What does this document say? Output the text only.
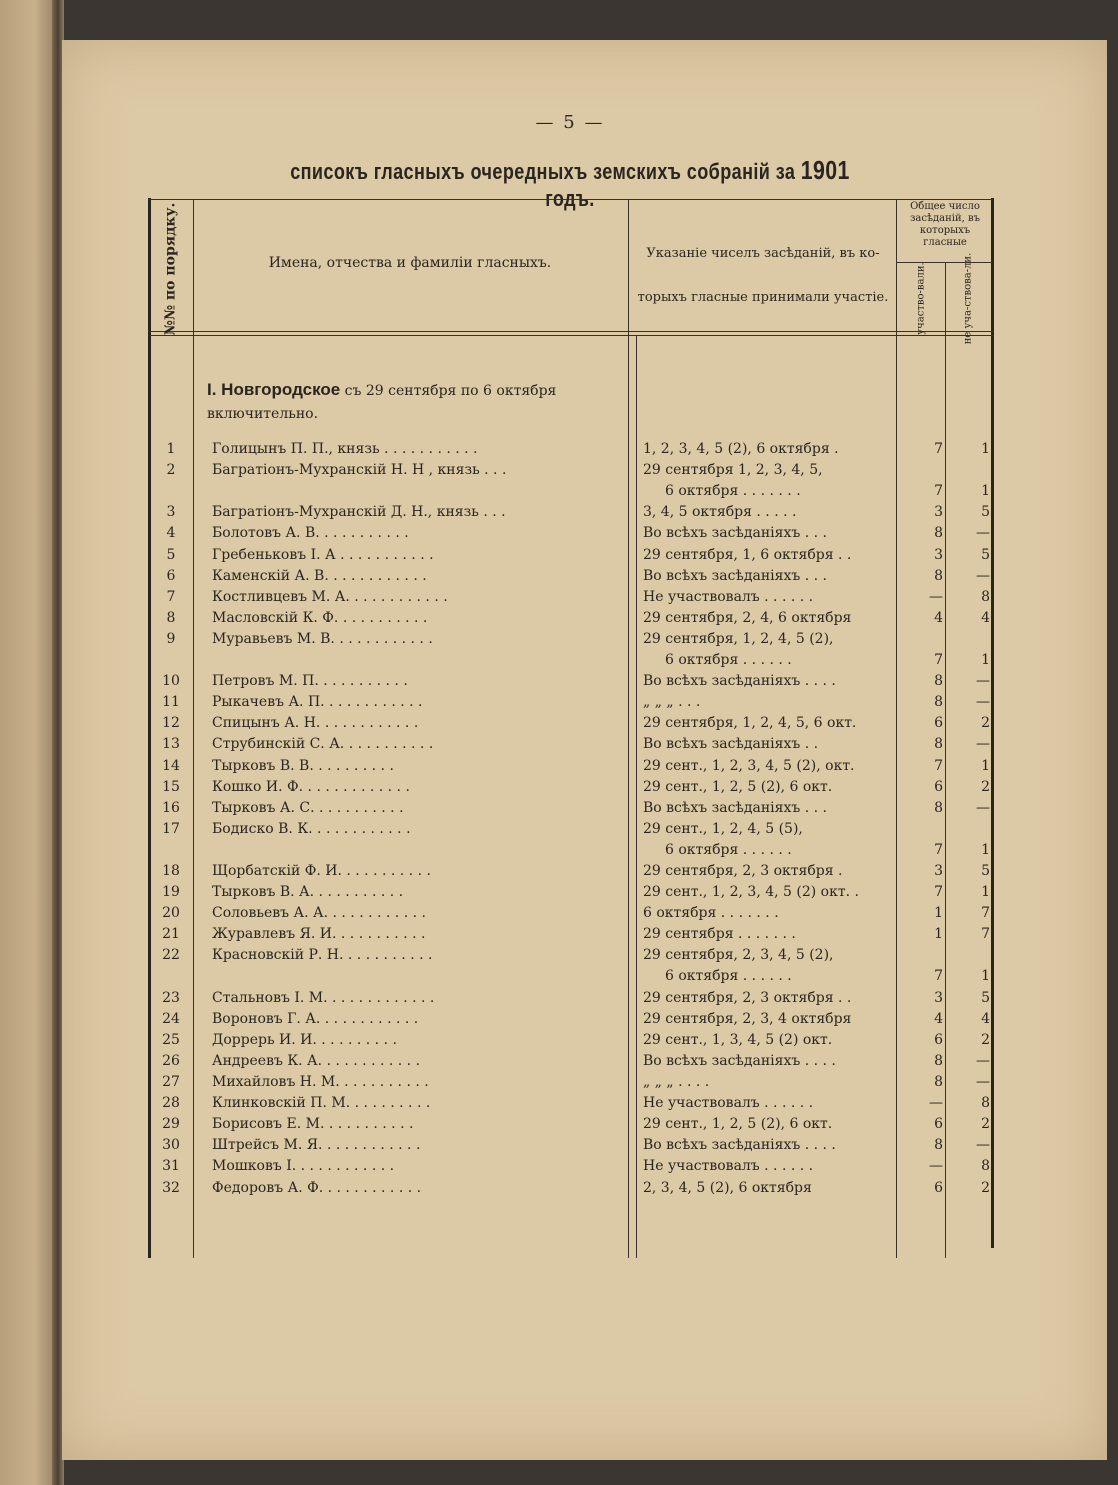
— 5 —
списокъ гласныхъ очередныхъ земскихъ собраній за 1901 годъ.
№№ по порядку.	Имена, отчества и фамиліи гласныхъ.
Указаніе чиселъ засѣданій, въ ко-торыхъ гласные принимали участіе.
Общее число засѣданій, въ которыхъ гласные
участво-вали.	не уча-ствова-ли.
I. Новгородское съ 29 сентября по 6 октября включительно.
1	Голицынъ П. П., князь . . . . . . . . . . .	1, 2, 3, 4, 5 (2), 6 октября .	7	1
2	Багратіонъ-Мухранскій Н. Н , князь . . .	29 сентября 1, 2, 3, 4, 5,
6 октября . . . . . . .	7	1
3	Багратіонъ-Мухранскій Д. Н., князь . . .	3, 4, 5 октября . . . . .	3	5
4	Болотовъ А. В. . . . . . . . . . .	Во всѣхъ засѣданіяхъ . . .	8	—
5	Гребеньковъ І. А . . . . . . . . . . .	29 сентября, 1, 6 октября . .	3	5
6	Каменскій А. В. . . . . . . . . . . .	Во всѣхъ засѣданіяхъ . . .	8	—
7	Костливцевъ М. А. . . . . . . . . . . .	Не участвовалъ . . . . . .	—	8
8	Масловскій К. Ф. . . . . . . . . . .	29 сентября, 2, 4, 6 октября	4	4
9	Муравьевъ М. В. . . . . . . . . . . .	29 сентября, 1, 2, 4, 5 (2),
6 октября . . . . . .	7	1
10	Петровъ М. П. . . . . . . . . . .	Во всѣхъ засѣданіяхъ . . . .	8	—
11	Рыкачевъ А. П. . . . . . . . . . . .	„ „ „ . . .	8	—
12	Спицынъ А. Н. . . . . . . . . . . .	29 сентября, 1, 2, 4, 5, 6 окт.	6	2
13	Струбинскій С. А. . . . . . . . . . .	Во всѣхъ засѣданіяхъ . .	8	—
14	Тырковъ В. В. . . . . . . . . .	29 сент., 1, 2, 3, 4, 5 (2), окт.	7	1
15	Кошко И. Ф. . . . . . . . . . . . .	29 сент., 1, 2, 5 (2), 6 окт.	6	2
16	Тырковъ А. С. . . . . . . . . . .	Во всѣхъ засѣданіяхъ . . .	8	—
17	Бодиско В. К. . . . . . . . . . . .	29 сент., 1, 2, 4, 5 (5),
6 октября . . . . . .	7	1
18	Щорбатскій Ф. И. . . . . . . . . . .	29 сентября, 2, 3 октября .	3	5
19	Тырковъ В. А. . . . . . . . . . .	29 сент., 1, 2, 3, 4, 5 (2) окт. .	7	1
20	Соловьевъ А. А. . . . . . . . . . . .	6 октября . . . . . . .	1	7
21	Журавлевъ Я. И. . . . . . . . . . .	29 сентября . . . . . . .	1	7
22	Красновскій Р. Н. . . . . . . . . . .	29 сентября, 2, 3, 4, 5 (2),
6 октября . . . . . .	7	1
23	Стальновъ І. М. . . . . . . . . . . . .	29 сентября, 2, 3 октября . .	3	5
24	Вороновъ Г. А. . . . . . . . . . . .	29 сентября, 2, 3, 4 октября	4	4
25	Доррерь И. И. . . . . . . . . .	29 сент., 1, 3, 4, 5 (2) окт.	6	2
26	Андреевъ К. А. . . . . . . . . . . .	Во всѣхъ засѣданіяхъ . . . .	8	—
27	Михайловъ Н. М. . . . . . . . . . .	„ „ „ . . . .	8	—
28	Клинковскій П. М. . . . . . . . . .	Не участвовалъ . . . . . .	—	8
29	Борисовъ Е. М. . . . . . . . . . .	29 сент., 1, 2, 5 (2), 6 окт.	6	2
30	Штрейсъ М. Я. . . . . . . . . . . .	Во всѣхъ засѣданіяхъ . . . .	8	—
31	Мошковъ І. . . . . . . . . . . .	Не участвовалъ . . . . . .	—	8
32	Федоровъ А. Ф. . . . . . . . . . . .	2, 3, 4, 5 (2), 6 октября	6	2
